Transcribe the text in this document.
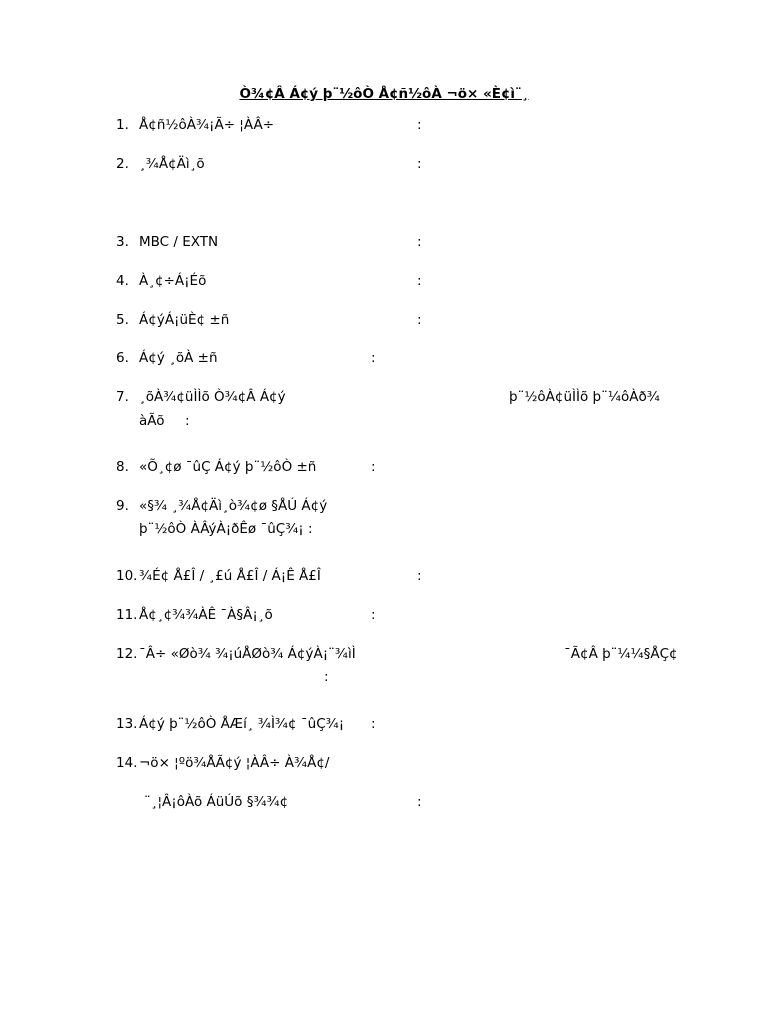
Ò¾¢Â Á¢ý þ¨½ôÒ Å¢ñ½ôÀ ¬ö× «È¢ì¨¸
1. Å¢ñ½ôÀ¾¡Ã÷ ¦ÀÂ÷	:
2. ¸¾Å¢Äì¸õ	:
3. MBC / EXTN	:
4. À¸¢÷Á¡Éõ	:
5. Á¢ýÁ¡üÈ¢ ±ñ	:
6. Á¢ý ¸õÀ ±ñ	:
7. ¸õÀ¾¢üÌÌõ Ò¾¢Â Á¢ý	þ¨½ôÀ¢üÌÌõ þ¨¼ôÀð¾
àÃõ :
8. «Õ¸¢ø ¯ûÇ Á¢ý þ¨½ôÒ ±ñ	:
9. «§¾ ¸¾Å¢Äì¸ò¾¢ø §ÅÚ Á¢ý
þ¨½ôÒ ÀÂýÀ¡ðÊø ¯ûÇ¾¡ :
10. ¾É¢ Å£Î / ¸£ú Å£Î / Á¡Ê Å£Î	:
11. Å¢¸¢¾¾ÀÊ ¯À§Â¡¸õ	:
12. ¯Â÷ «Øò¾ ¾¡úÅØò¾ Á¢ýÀ¡¨¾ìÌ	¯Ã¢Â þ¨¼¼§ÅÇ¢
:
13. Á¢ý þ¨½ôÒ ÅÆí¸ ¾Ì¾¢ ¯ûÇ¾¡ :
14. ¬ö× ¦ºö¾ÅÃ¢ý ¦ÀÂ÷ À¾Å¢/
¨¸¦Â¡ôÀõ ÁüÚõ §¾¾¢	:
